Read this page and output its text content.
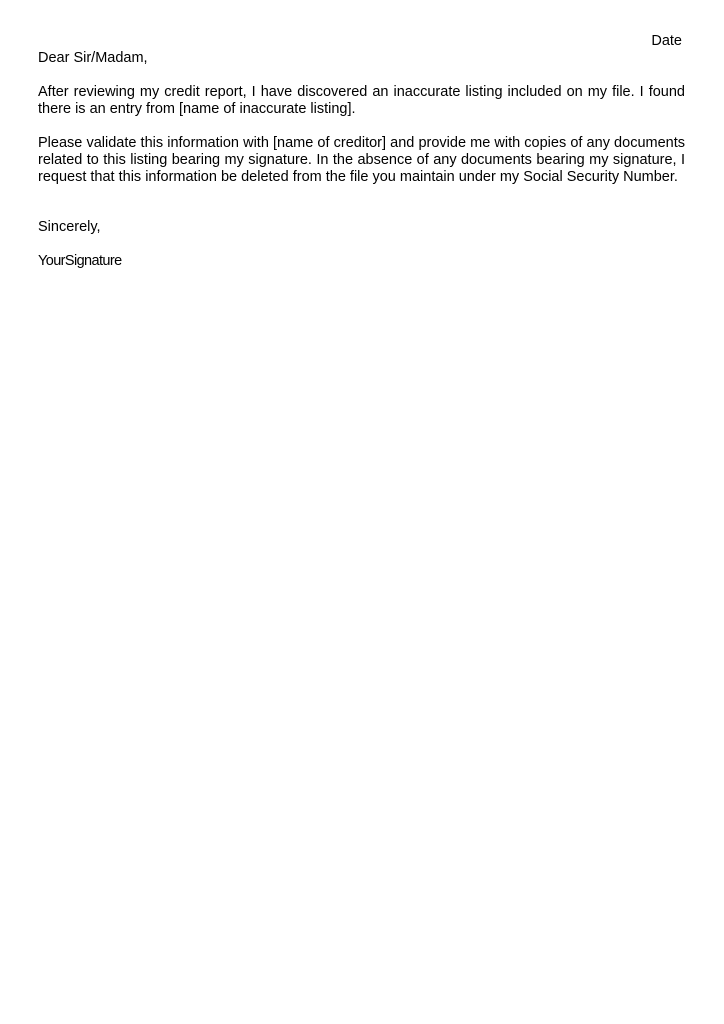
Date
Dear Sir/Madam,
After reviewing my credit report, I have discovered an inaccurate listing included on my file. I found there is an entry from [name of inaccurate listing].
Please validate this information with [name of creditor] and provide me with copies of any documents related to this listing bearing my signature. In the absence of any documents bearing my signature, I request that this information be deleted from the file you maintain under my Social Security Number.
Sincerely,
YourSignature
